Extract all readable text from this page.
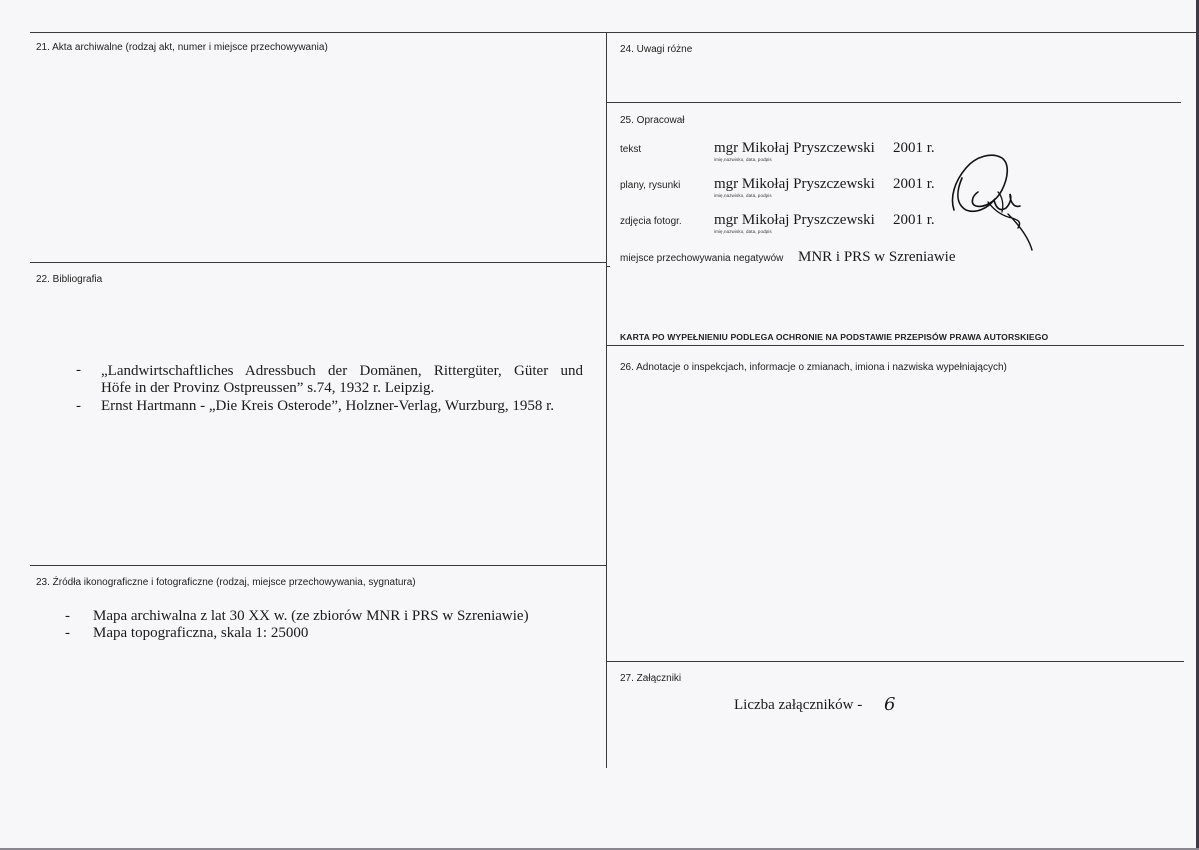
21. Akta archiwalne (rodzaj akt, numer i miejsce przechowywania)
22. Bibliografia
- „Landwirtschaftliches Adressbuch der Domänen, Rittergüter, Güter und
Höfe in der Provinz Ostpreussen” s.74, 1932 r. Leipzig.
- Ernst Hartmann - „Die Kreis Osterode”, Holzner-Verlag, Wurzburg, 1958 r.
23. Źródła ikonograficzne i fotograficzne (rodzaj, miejsce przechowywania, sygnatura)
- Mapa archiwalna z lat 30 XX w. (ze zbiorów MNR i PRS w Szreniawie)
- Mapa topograficzna, skala 1: 25000
24. Uwagi różne
25. Opracował
tekst	mgr Mikołaj Pryszczewski 2001 r.
imię,nazwisko, data, podpis
plany, rysunki mgr Mikołaj Pryszczewski 2001 r.
imię,nazwisko, data, podpis
zdjęcia fotogr. mgr Mikołaj Pryszczewski 2001 r.
imię,nazwisko, data, podpis
miejsce przechowywania negatywów MNR i PRS w Szreniawie
KARTA PO WYPEŁNIENIU PODLEGA OCHRONIE NA PODSTAWIE PRZEPISÓW PRAWA AUTORSKIEGO
26. Adnotacje o inspekcjach, informacje o zmianach, imiona i nazwiska wypełniających)
27. Załączniki
Liczba załączników - 6
